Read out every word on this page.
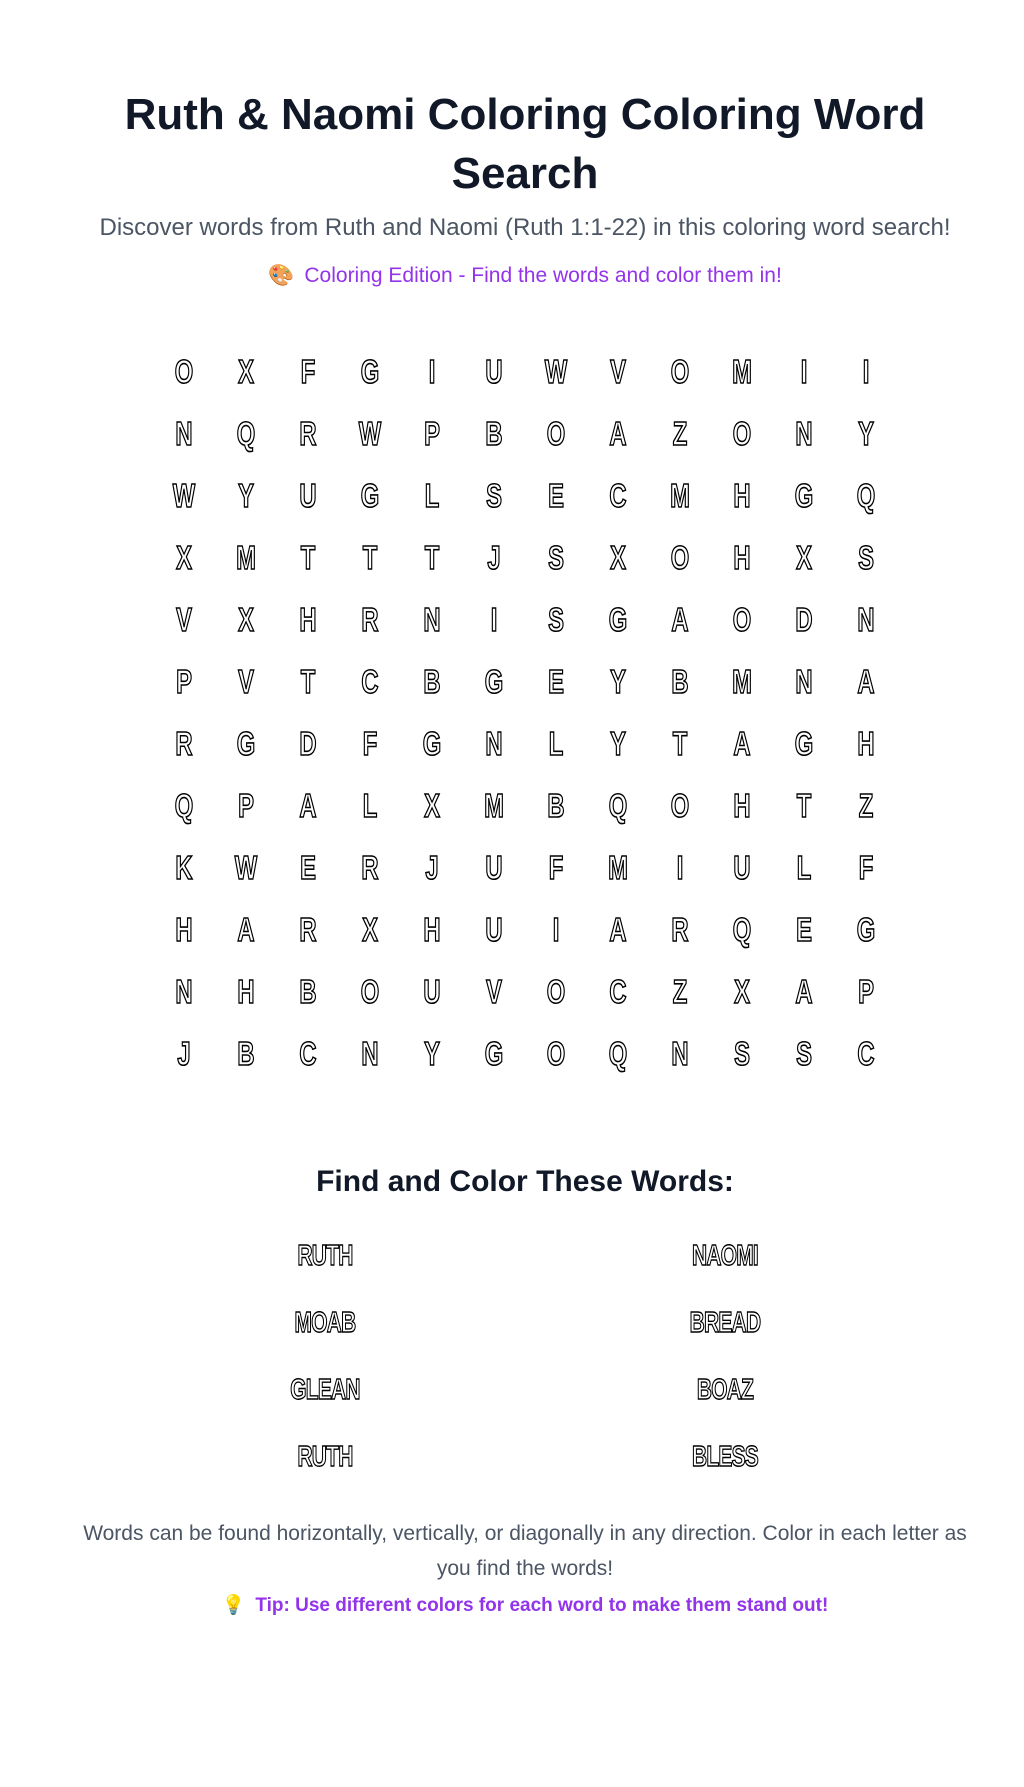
Ruth & Naomi Coloring Coloring Word Search

Discover words from Ruth and Naomi (Ruth 1:1-22) in this coloring word search!

🎨 Coloring Edition - Find the words and color them in!
O	X	F	G	I	U	W	V	O	M	I	I
N	Q	R	W	P	B	O	A	Z	O	N	Y
W	Y	U	G	L	S	E	C	M	H	G	Q
X	M	T	T	T	J	S	X	O	H	X	S
V	X	H	R	N	I	S	G	A	O	D	N
P	V	T	C	B	G	E	Y	B	M	N	A
R	G	D	F	G	N	L	Y	T	A	G	H
Q	P	A	L	X	M	B	Q	O	H	T	Z
K	W	E	R	J	U	F	M	I	U	L	F
H	A	R	X	H	U	I	A	R	Q	E	G
N	H	B	O	U	V	O	C	Z	X	A	P
J	B	C	N	Y	G	O	Q	N	S	S	C
Find and Color These Words:
RUTH	NAOMI
MOAB	BREAD
GLEAN	BOAZ
RUTH	BLESS

Words can be found horizontally, vertically, or diagonally in any direction. Color in each letter as you find the words!

💡 Tip: Use different colors for each word to make them stand out!
